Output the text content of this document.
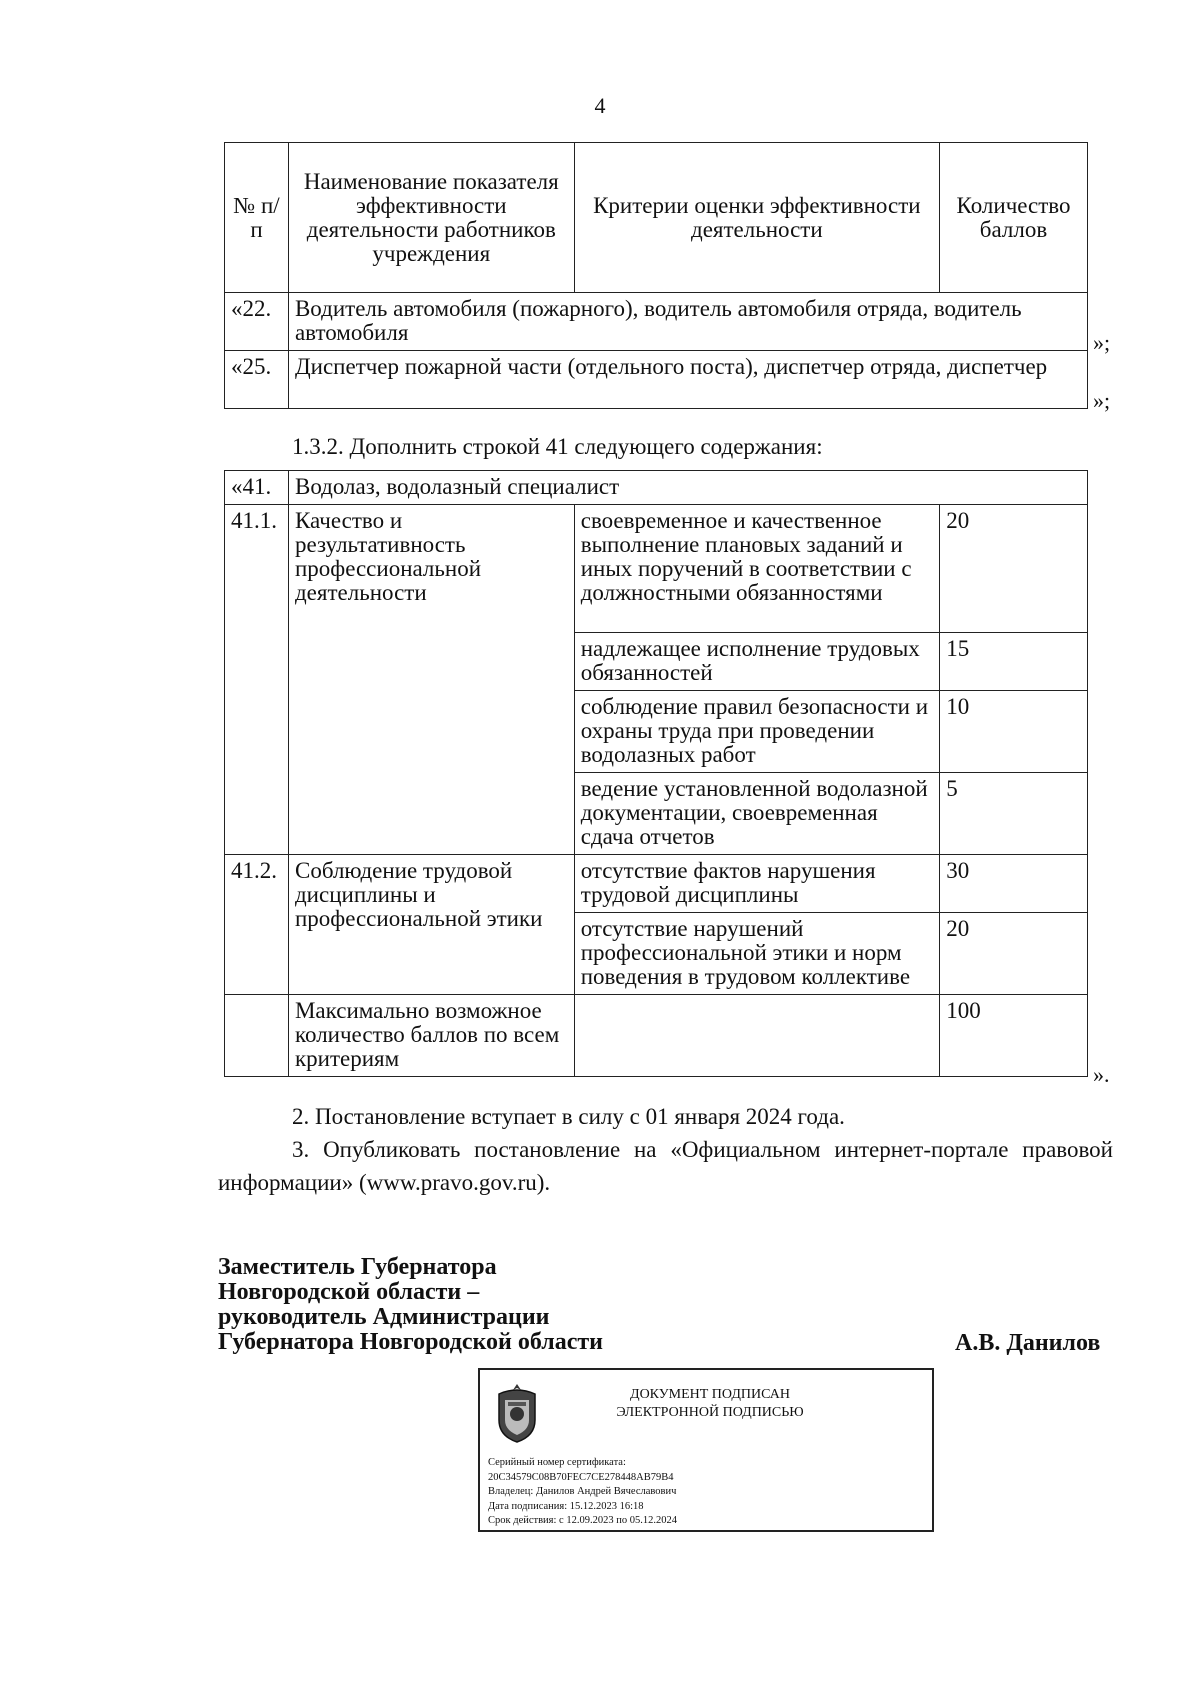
4
№ п/п	Наименование показателя эффективности деятельности работников учреждения	Критерии оценки эффективности деятельности	Количество баллов
«22.	Водитель автомобиля (пожарного), водитель автомобиля отряда, водитель автомобиля		
«25.	Диспетчер пожарной части (отдельного поста), диспетчер отряда, диспетчер		
»;
»;
1.3.2. Дополнить строкой 41 следующего содержания:
«41.	Водолаз, водолазный специалист		
41.1.	Качество и результативность профессиональной деятельности	своевременное и качественное выполнение плановых заданий и иных поручений в соответствии с должностными обязанностями	20
		надлежащее исполнение трудовых обязанностей	15
		соблюдение правил безопасности и охраны труда при проведении водолазных работ	10
		ведение установленной водолазной документации, своевременная сдача отчетов	5
41.2.	Соблюдение трудовой дисциплины и профессиональной этики	отсутствие фактов нарушения трудовой дисциплины	30
		отсутствие нарушений профессиональной этики и норм поведения в трудовом коллективе	20
	Максимально возможное количество баллов по всем критериям		100
».
2. Постановление вступает в силу с 01 января 2024 года.
3. Опубликовать постановление на «Официальном интернет-портале правовой информации» (www.pravo.gov.ru).
Заместитель Губернатора
Новгородской области –
руководитель Администрации
Губернатора Новгородской области	А.В. Данилов
ДОКУМЕНТ ПОДПИСАН
ЭЛЕКТРОННОЙ ПОДПИСЬЮ
Серийный номер сертификата:
20C34579C08B70FEC7CE278448AB79B4
Владелец: Данилов Андрей Вячеславович
Дата подписания: 15.12.2023 16:18
Срок действия: с 12.09.2023 по 05.12.2024
